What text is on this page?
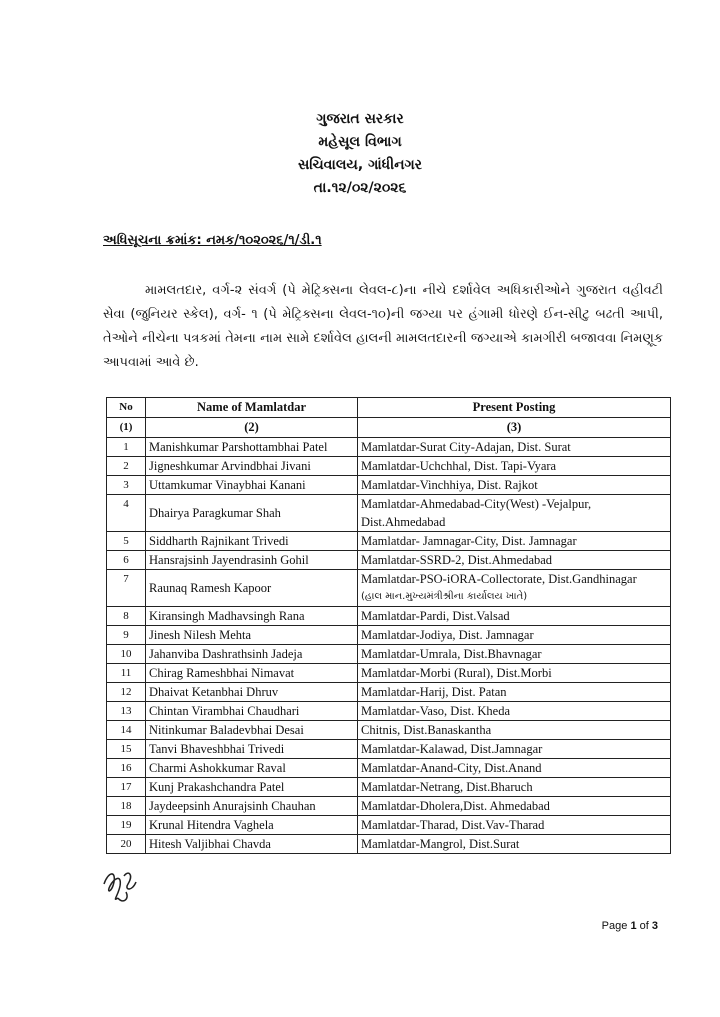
ગુજરાત સરકાર
મહેસૂલ વિભાગ
સચિવાલય, ગાંધીનગર
તા.૧૨/૦૨/૨૦૨૬
અધિસૂચના ક્રમાંક: નમક/૧૦૨૦૨૬/૧/ડી.૧
મામલતદાર, વર્ગ-૨ સંવર્ગ (પે મેટ્રિક્સના લેવલ-૮)ના નીચે દર્શાવેલ અધિકારીઓને ગુજરાત વહીવટી સેવા (જુનિયર સ્કેલ), વર્ગ- ૧ (પે મેટ્રિક્સના લેવલ-૧૦)ની જગ્યા પર હંગામી ધોરણે ઈન-સીટુ બઢતી આપી, તેઓને નીચેના પત્રકમાં તેમના નામ સામે દર્શાવેલ હાલની મામલતદારની જગ્યાએ કામગીરી બજાવવા નિમણૂક આપવામાં આવે છે.
No	Name of Mamlatdar	Present Posting
(1)	(2)	(3)
1	Manishkumar Parshottambhai Patel	Mamlatdar-Surat City-Adajan, Dist. Surat

2	Jigneshkumar Arvindbhai Jivani	Mamlatdar-Uchchhal, Dist. Tapi-Vyara

3	Uttamkumar Vinaybhai Kanani	Mamlatdar-Vinchhiya, Dist. Rajkot

4	Dhairya Paragkumar Shah	Mamlatdar-Ahmedabad-City(West) -Vejalpur, Dist.Ahmedabad

5	Siddharth Rajnikant Trivedi	Mamlatdar- Jamnagar-City, Dist. Jamnagar

6	Hansrajsinh Jayendrasinh Gohil	Mamlatdar-SSRD-2, Dist.Ahmedabad

7	Raunaq Ramesh Kapoor	Mamlatdar-PSO-iORA-Collectorate, Dist.Gandhinagar
(હાલ માન.મુખ્યમંત્રીશ્રીના કાર્યાલય ખાતે)

8	Kiransingh Madhavsingh Rana	Mamlatdar-Pardi, Dist.Valsad

9	Jinesh Nilesh Mehta	Mamlatdar-Jodiya, Dist. Jamnagar

10	Jahanviba Dashrathsinh Jadeja	Mamlatdar-Umrala, Dist.Bhavnagar

11	Chirag Rameshbhai Nimavat	Mamlatdar-Morbi (Rural), Dist.Morbi

12	Dhaivat Ketanbhai Dhruv	Mamlatdar-Harij, Dist. Patan

13	Chintan Virambhai Chaudhari	Mamlatdar-Vaso, Dist. Kheda

14	Nitinkumar Baladevbhai Desai	Chitnis, Dist.Banaskantha

15	Tanvi Bhaveshbhai Trivedi	Mamlatdar-Kalawad, Dist.Jamnagar

16	Charmi Ashokkumar Raval	Mamlatdar-Anand-City, Dist.Anand

17	Kunj Prakashchandra Patel	Mamlatdar-Netrang, Dist.Bharuch

18	Jaydeepsinh Anurajsinh Chauhan	Mamlatdar-Dholera,Dist. Ahmedabad

19	Krunal Hitendra Vaghela	Mamlatdar-Tharad, Dist.Vav-Tharad

20	Hitesh Valjibhai Chavda	Mamlatdar-Mangrol, Dist.Surat
Page 1 of 3
